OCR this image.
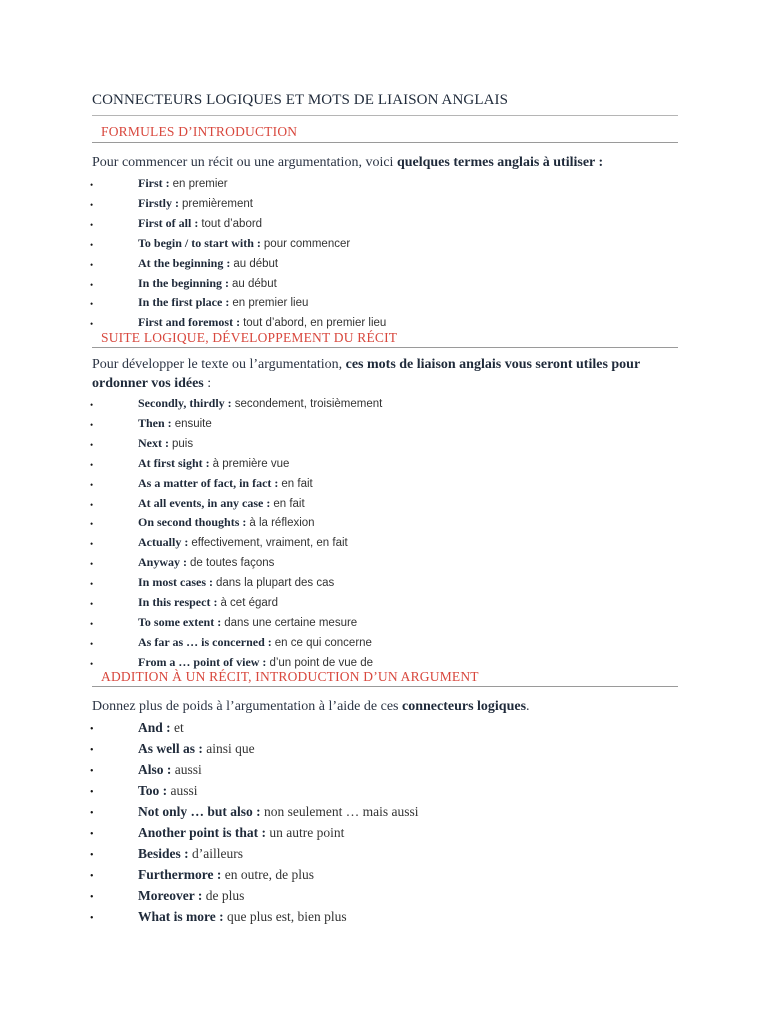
CONNECTEURS LOGIQUES ET MOTS DE LIAISON ANGLAIS
FORMULES D’INTRODUCTION
Pour commencer un récit ou une argumentation, voici quelques termes anglais à utiliser :
•	First : en premier
•	Firstly : premièrement
•	First of all : tout d’abord
•	To begin / to start with : pour commencer
•	At the beginning : au début
•	In the beginning : au début
•	In the first place : en premier lieu
•	First and foremost : tout d’abord, en premier lieu
SUITE LOGIQUE, DÉVELOPPEMENT DU RÉCIT
Pour développer le texte ou l’argumentation, ces mots de liaison anglais vous seront utiles pour ordonner vos idées :
•	Secondly, thirdly : secondement, troisièmement
•	Then : ensuite
•	Next : puis
•	At first sight : à première vue
•	As a matter of fact, in fact : en fait
•	At all events, in any case : en fait
•	On second thoughts : à la réflexion
•	Actually : effectivement, vraiment, en fait
•	Anyway : de toutes façons
•	In most cases : dans la plupart des cas
•	In this respect : à cet égard
•	To some extent : dans une certaine mesure
•	As far as … is concerned : en ce qui concerne
•	From a … point of view : d’un point de vue de
ADDITION À UN RÉCIT, INTRODUCTION D’UN ARGUMENT
Donnez plus de poids à l’argumentation à l’aide de ces connecteurs logiques.
•	And : et
•	As well as : ainsi que
•	Also : aussi
•	Too : aussi
•	Not only … but also : non seulement … mais aussi
•	Another point is that : un autre point
•	Besides : d’ailleurs
•	Furthermore : en outre, de plus
•	Moreover : de plus
•	What is more : que plus est, bien plus
